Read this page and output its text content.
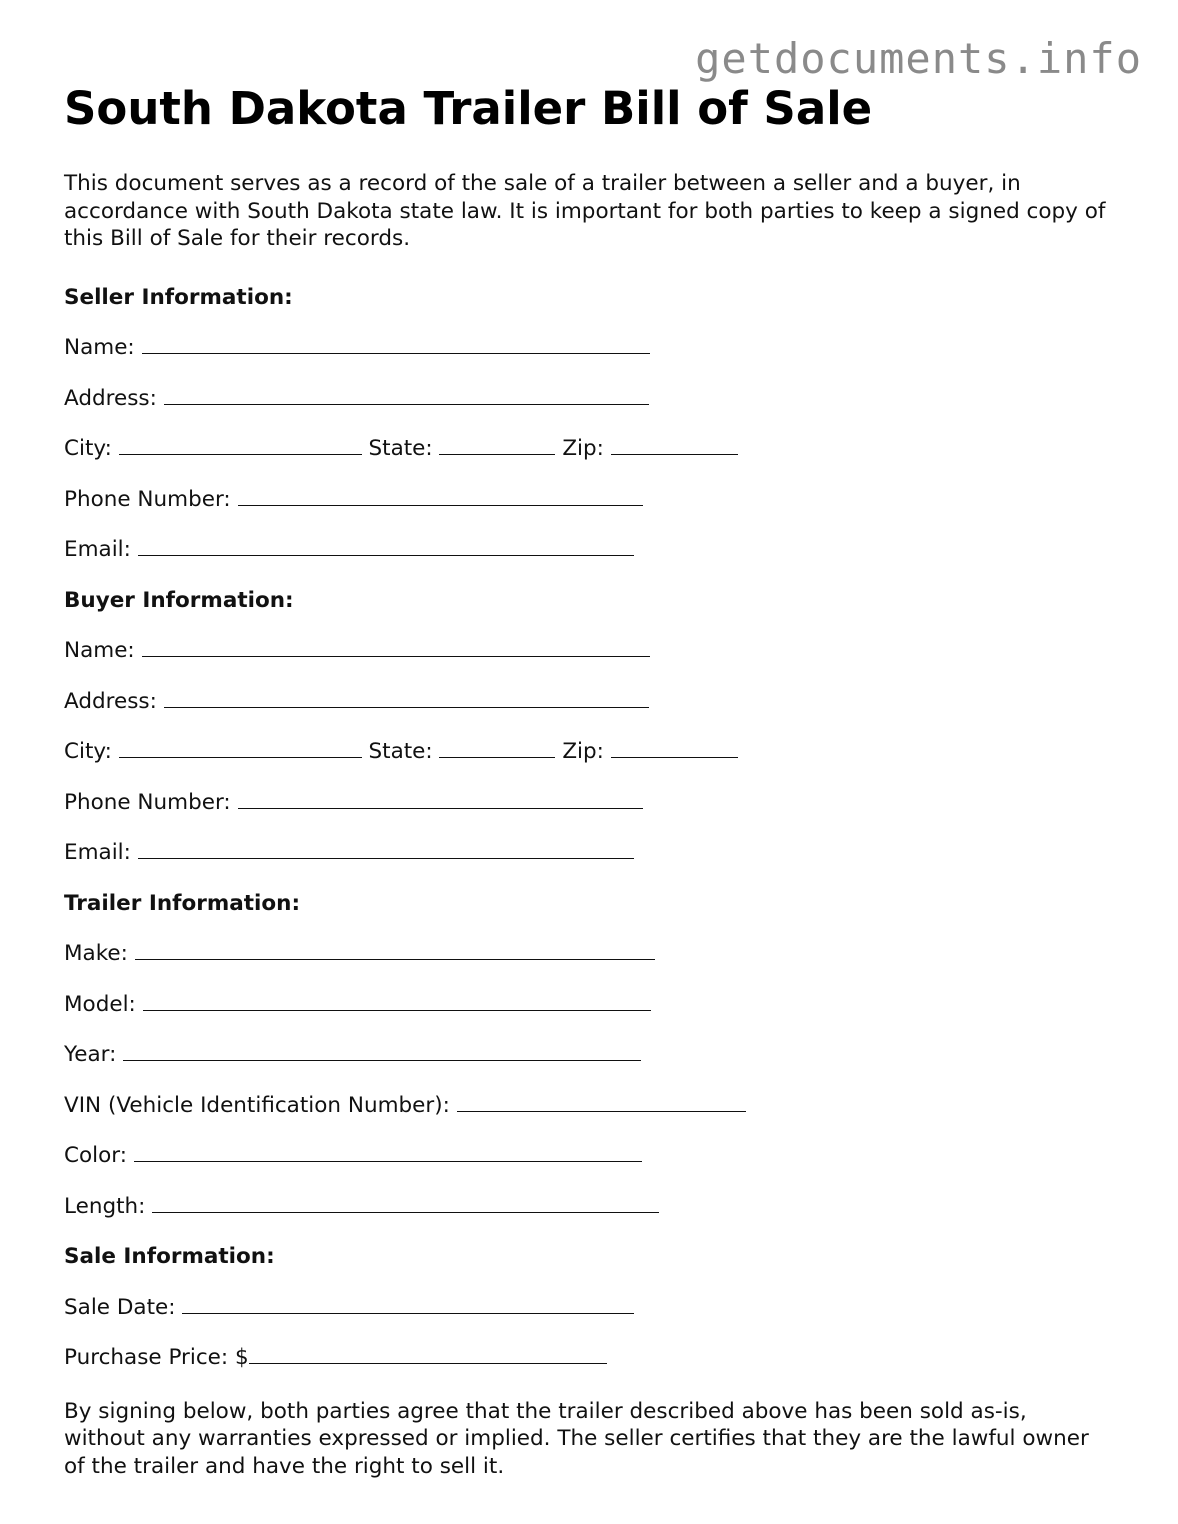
getdocuments.info

South Dakota Trailer Bill of Sale

This document serves as a record of the sale of a trailer between a seller and a buyer, in accordance with South Dakota state law. It is important for both parties to keep a signed copy of this Bill of Sale for their records.

Seller Information:

Name:

Address:

City:	State:	Zip:

Phone Number:

Email:

Buyer Information:

Name:

Address:

City:	State:	Zip:

Phone Number:

Email:

Trailer Information:

Make:

Model:

Year:

VIN (Vehicle Identification Number):

Color:

Length:

Sale Information:

Sale Date:

Purchase Price: $

By signing below, both parties agree that the trailer described above has been sold as-is, without any warranties expressed or implied. The seller certifies that they are the lawful owner of the trailer and have the right to sell it.
